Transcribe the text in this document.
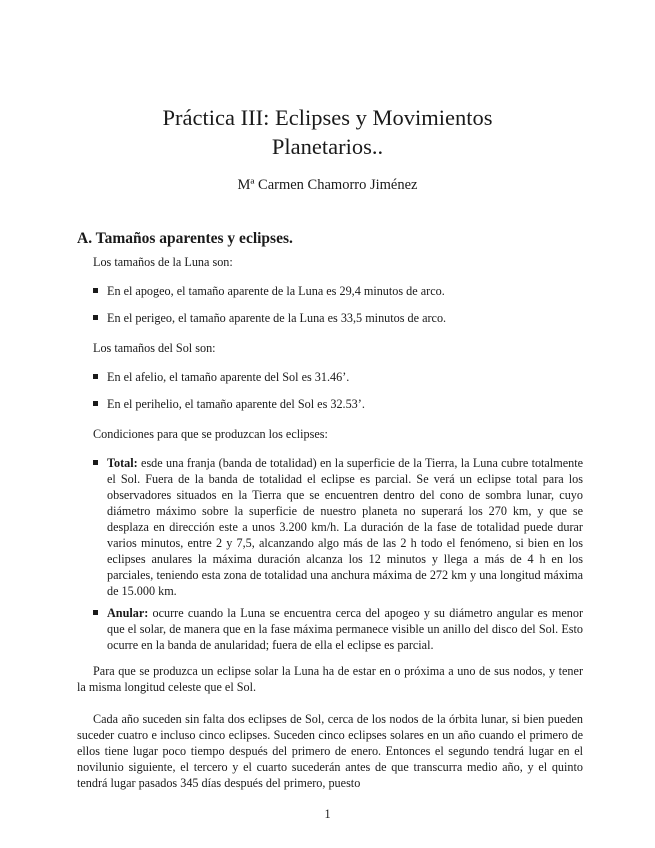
Práctica III: Eclipses y Movimientos
Planetarios..
Mª Carmen Chamorro Jiménez
A. Tamaños aparentes y eclipses.

Los tamaños de la Luna son:

En el apogeo, el tamaño aparente de la Luna es 29,4 minutos de arco.
En el perigeo, el tamaño aparente de la Luna es 33,5 minutos de arco.

Los tamaños del Sol son:

En el afelio, el tamaño aparente del Sol es 31.46’.
En el perihelio, el tamaño aparente del Sol es 32.53’.

Condiciones para que se produzcan los eclipses:

Total: esde una franja (banda de totalidad) en la superficie de la Tierra, la Luna cubre totalmente el Sol. Fuera de la banda de totalidad el eclipse es parcial. Se verá un eclipse total para los observadores situados en la Tierra que se encuentren dentro del cono de sombra lunar, cuyo diámetro máximo sobre la superficie de nuestro planeta no superará los 270 km, y que se desplaza en dirección este a unos 3.200 km/h. La duración de la fase de totalidad puede durar varios minutos, entre 2 y 7,5, alcanzando algo más de las 2 h todo el fenómeno, si bien en los eclipses anulares la máxima duración alcanza los 12 minutos y llega a más de 4 h en los parciales, teniendo esta zona de totalidad una anchura máxima de 272 km y una longitud máxima de 15.000 km.
Anular: ocurre cuando la Luna se encuentra cerca del apogeo y su diámetro angular es menor que el solar, de manera que en la fase máxima permanece visible un anillo del disco del Sol. Esto ocurre en la banda de anularidad; fuera de ella el eclipse es parcial.

Para que se produzca un eclipse solar la Luna ha de estar en o próxima a uno de sus nodos, y tener la misma longitud celeste que el Sol.

Cada año suceden sin falta dos eclipses de Sol, cerca de los nodos de la órbita lunar, si bien pueden suceder cuatro e incluso cinco eclipses. Suceden cinco eclipses solares en un año cuando el primero de ellos tiene lugar poco tiempo después del primero de enero. Entonces el segundo tendrá lugar en el novilunio siguiente, el tercero y el cuarto sucederán antes de que transcurra medio año, y el quinto tendrá lugar pasados 345 días después del primero, puesto

1
